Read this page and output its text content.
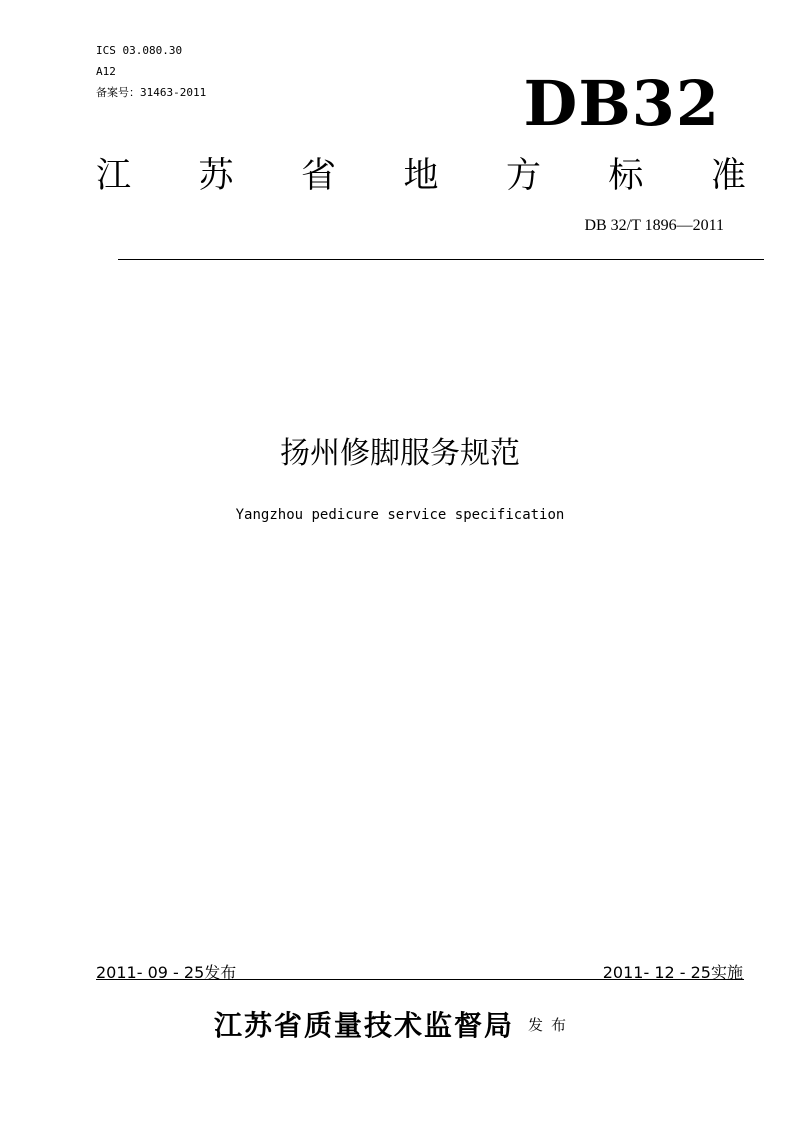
ICS 03.080.30
A12
备案号：31463-2011	DB32
江 苏 省 地 方 标 准
DB 32/T 1896—2011
扬州修脚服务规范
Yangzhou pedicure service specification
2011- 09 - 25发布	2011- 12 - 25实施
江苏省质量技术监督局 发布
